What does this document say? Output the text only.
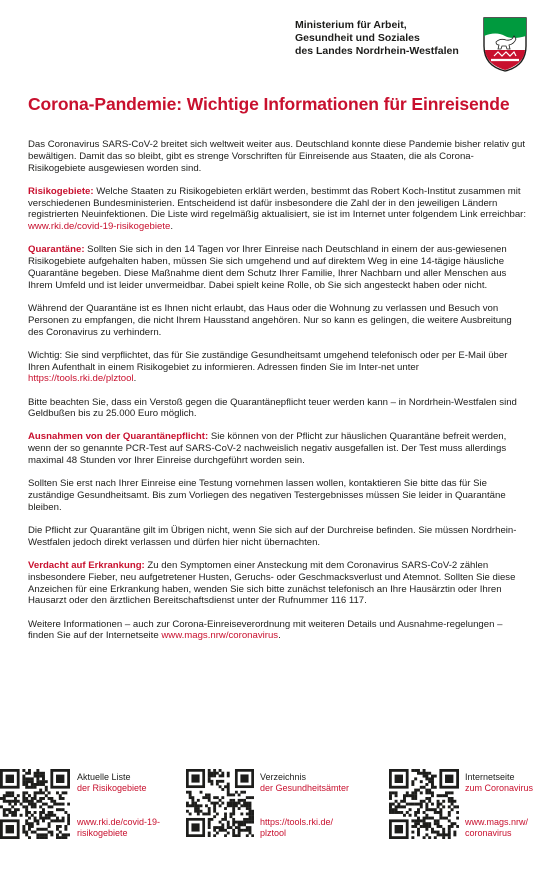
Ministerium für Arbeit,
Gesundheit und Soziales
des Landes Nordrhein-Westfalen
Corona-Pandemie: Wichtige Informationen für Einreisende

Das Coronavirus SARS-CoV-2 breitet sich weltweit weiter aus. Deutschland konnte diese Pandemie bisher relativ gut bewältigen. Damit das so bleibt, gibt es strenge Vorschriften für Einreisende aus Staaten, die als Corona-Risikogebiete ausgewiesen worden sind.

Risikogebiete: Welche Staaten zu Risikogebieten erklärt werden, bestimmt das Robert Koch-Institut zusammen mit verschiedenen Bundesministerien. Entscheidend ist dafür insbesondere die Zahl der in den jeweiligen Ländern registrierten Neuinfektionen. Die Liste wird regelmäßig aktualisiert, sie ist im Internet unter folgendem Link erreichbar: www.rki.de/covid-19-risikogebiete.

Quarantäne: Sollten Sie sich in den 14 Tagen vor Ihrer Einreise nach Deutschland in einem der aus-gewiesenen Risikogebiete aufgehalten haben, müssen Sie sich umgehend und auf direktem Weg in eine 14-tägige häusliche Quarantäne begeben. Diese Maßnahme dient dem Schutz Ihrer Familie, Ihrer Nachbarn und aller Menschen aus Ihrem Umfeld und ist leider unvermeidbar. Dabei spielt keine Rolle, ob Sie sich angesteckt haben oder nicht.

Während der Quarantäne ist es Ihnen nicht erlaubt, das Haus oder die Wohnung zu verlassen und Besuch von Personen zu empfangen, die nicht Ihrem Hausstand angehören. Nur so kann es gelingen, die weitere Ausbreitung des Coronavirus zu verhindern.

Wichtig: Sie sind verpflichtet, das für Sie zuständige Gesundheitsamt umgehend telefonisch oder per E-Mail über Ihren Aufenthalt in einem Risikogebiet zu informieren. Adressen finden Sie im Inter-net unter https://tools.rki.de/plztool.

Bitte beachten Sie, dass ein Verstoß gegen die Quarantänepflicht teuer werden kann – in Nordrhein-Westfalen sind Geldbußen bis zu 25.000 Euro möglich.

Ausnahmen von der Quarantänepflicht: Sie können von der Pflicht zur häuslichen Quarantäne befreit werden, wenn der so genannte PCR-Test auf SARS-CoV-2 nachweislich negativ ausgefallen ist. Der Test muss allerdings maximal 48 Stunden vor Ihrer Einreise durchgeführt worden sein.

Sollten Sie erst nach Ihrer Einreise eine Testung vornehmen lassen wollen, kontaktieren Sie bitte das für Sie zuständige Gesundheitsamt. Bis zum Vorliegen des negativen Testergebnisses müssen Sie leider in Quarantäne bleiben.

Die Pflicht zur Quarantäne gilt im Übrigen nicht, wenn Sie sich auf der Durchreise befinden. Sie müssen Nordrhein-Westfalen jedoch direkt verlassen und dürfen hier nicht übernachten.

Verdacht auf Erkrankung: Zu den Symptomen einer Ansteckung mit dem Coronavirus SARS-CoV-2 zählen insbesondere Fieber, neu aufgetretener Husten, Geruchs- oder Geschmacksverlust und Atemnot. Sollten Sie diese Anzeichen für eine Erkrankung haben, wenden Sie sich bitte zunächst telefonisch an Ihre Hausärztin oder Ihren Hausarzt oder den ärztlichen Bereitschaftsdienst unter der Rufnummer 116 117.

Weitere Informationen – auch zur Corona-Einreiseverordnung mit weiteren Details und Ausnahme-regelungen – finden Sie auf der Internetseite www.mags.nrw/coronavirus.

Aktuelle Liste
der Risikogebiete
www.rki.de/covid-19-
risikogebiete
Verzeichnis
der Gesundheitsämter
https://tools.rki.de/
plztool
Internetseite
zum Coronavirus
www.mags.nrw/
coronavirus
